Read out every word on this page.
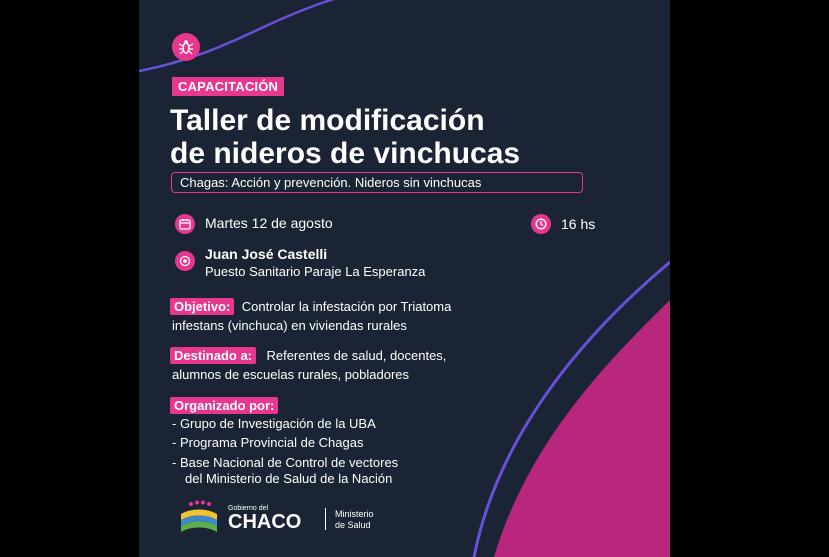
CAPACITACIÓN
Taller de modificación
de nideros de vinchucas
Chagas: Acción y prevención. Nideros sin vinchucas
Martes 12 de agosto	16 hs
Juan José Castelli
Puesto Sanitario Paraje La Esperanza
Objetivo: Controlar la infestación por Triatoma
infestans (vinchuca) en viviendas rurales
Destinado a: Referentes de salud, docentes,
alumnos de escuelas rurales, pobladores
Organizado por:
- Grupo de Investigación de la UBA
- Programa Provincial de Chagas
- Base Nacional de Control de vectores
del Ministerio de Salud de la Nación
Gobierno del
CHACO	Ministerio
de Salud
